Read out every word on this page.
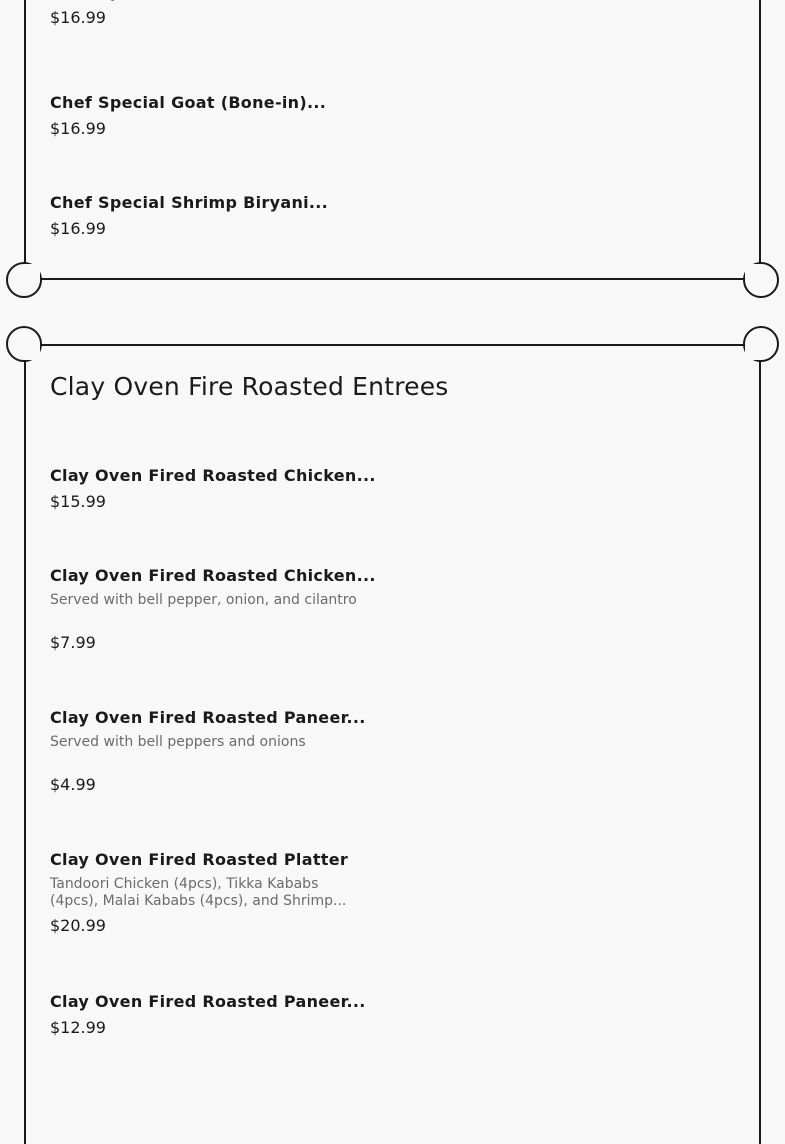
$16.99
Chef Special Goat (Bone-in)...
$16.99
Chef Special Shrimp Biryani...
$16.99
Clay Oven Fire Roasted Entrees
Clay Oven Fired Roasted Chicken...
$15.99
Clay Oven Fired Roasted Chicken...
Served with bell pepper, onion, and cilantro
$7.99
Clay Oven Fired Roasted Paneer...
Served with bell peppers and onions
$4.99
Clay Oven Fired Roasted Platter
Tandoori Chicken (4pcs), Tikka Kababs (4pcs), Malai Kababs (4pcs), and Shrimp...
$20.99
Clay Oven Fired Roasted Paneer...
$12.99
